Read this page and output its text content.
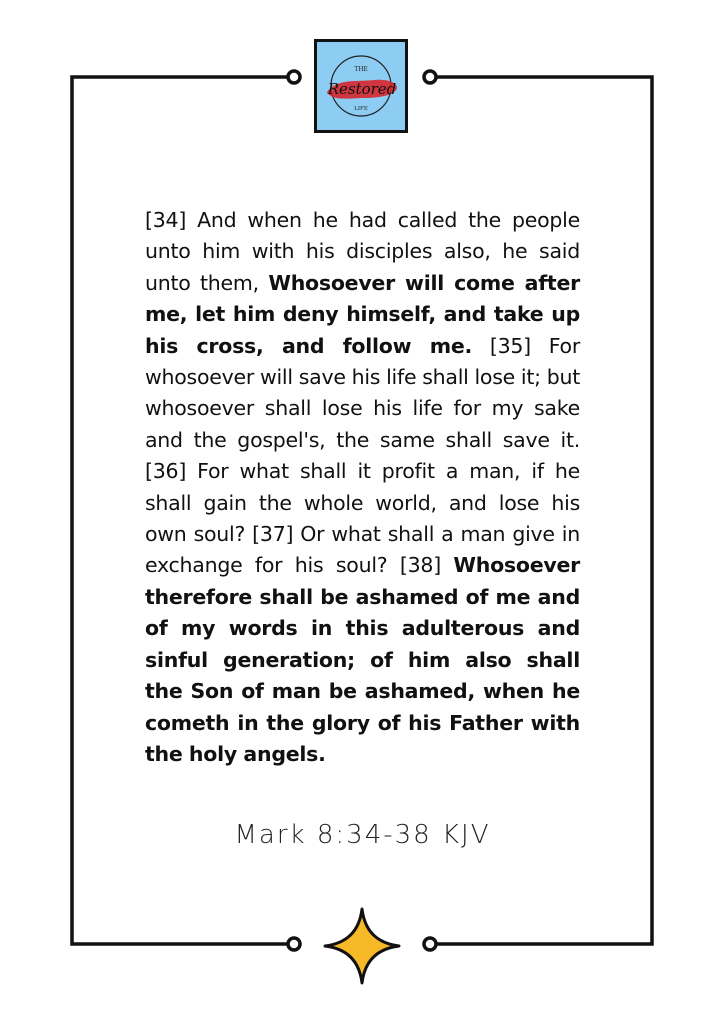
THE
Restored
LIFE
[34] And when he had called the people unto him with his disciples also, he said unto them, Whosoever will come after me, let him deny himself, and take up his cross, and follow me. [35] For whosoever will save his life shall lose it; but whosoever shall lose his life for my sake and the gospel's, the same shall save it. [36] For what shall it profit a man, if he shall gain the whole world, and lose his own soul? [37] Or what shall a man give in exchange for his soul? [38] Whosoever therefore shall be ashamed of me and of my words in this adulterous and sinful generation; of him also shall the Son of man be ashamed, when he cometh in the glory of his Father with the holy angels.
Mark 8:34-38 KJV
